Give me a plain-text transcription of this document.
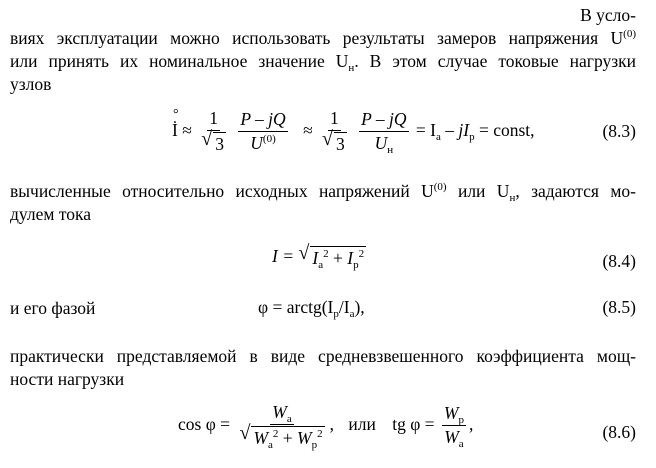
В усло-
виях эксплуатации можно использовать результаты замеров напряжения $U^{(0)}$
или принять их номинальное значение $U_н$. В этом случае токовые нагрузки
узлов
° İ ≈ $\frac{1}{√ 3}$
$\frac{P - jQ}{U^{(0)}} \approx \frac{1}{√ 3}$
$\frac{P - jQ}{U_н} = I_a - jI_р$ = const,	(8.3)
вычисленные относительно исходных напряжений $U^{(0)}$ или $U_н$, задаются мо-
дулем тока
I = √ $I_a^2 + I_р^2$	(8.4)
и его фазой	$\varphi = arctg(I_р/I_a)$,	(8.5)
практически представляемой в виде средневзвешенного коэффициента мощ-
ности нагрузки
$\cos \varphi = \frac{W_a}{√ W_a^2 + W_р^2}$ , или tg $\varphi = \frac{W_р}{W_a}$ ,	(8.6)
